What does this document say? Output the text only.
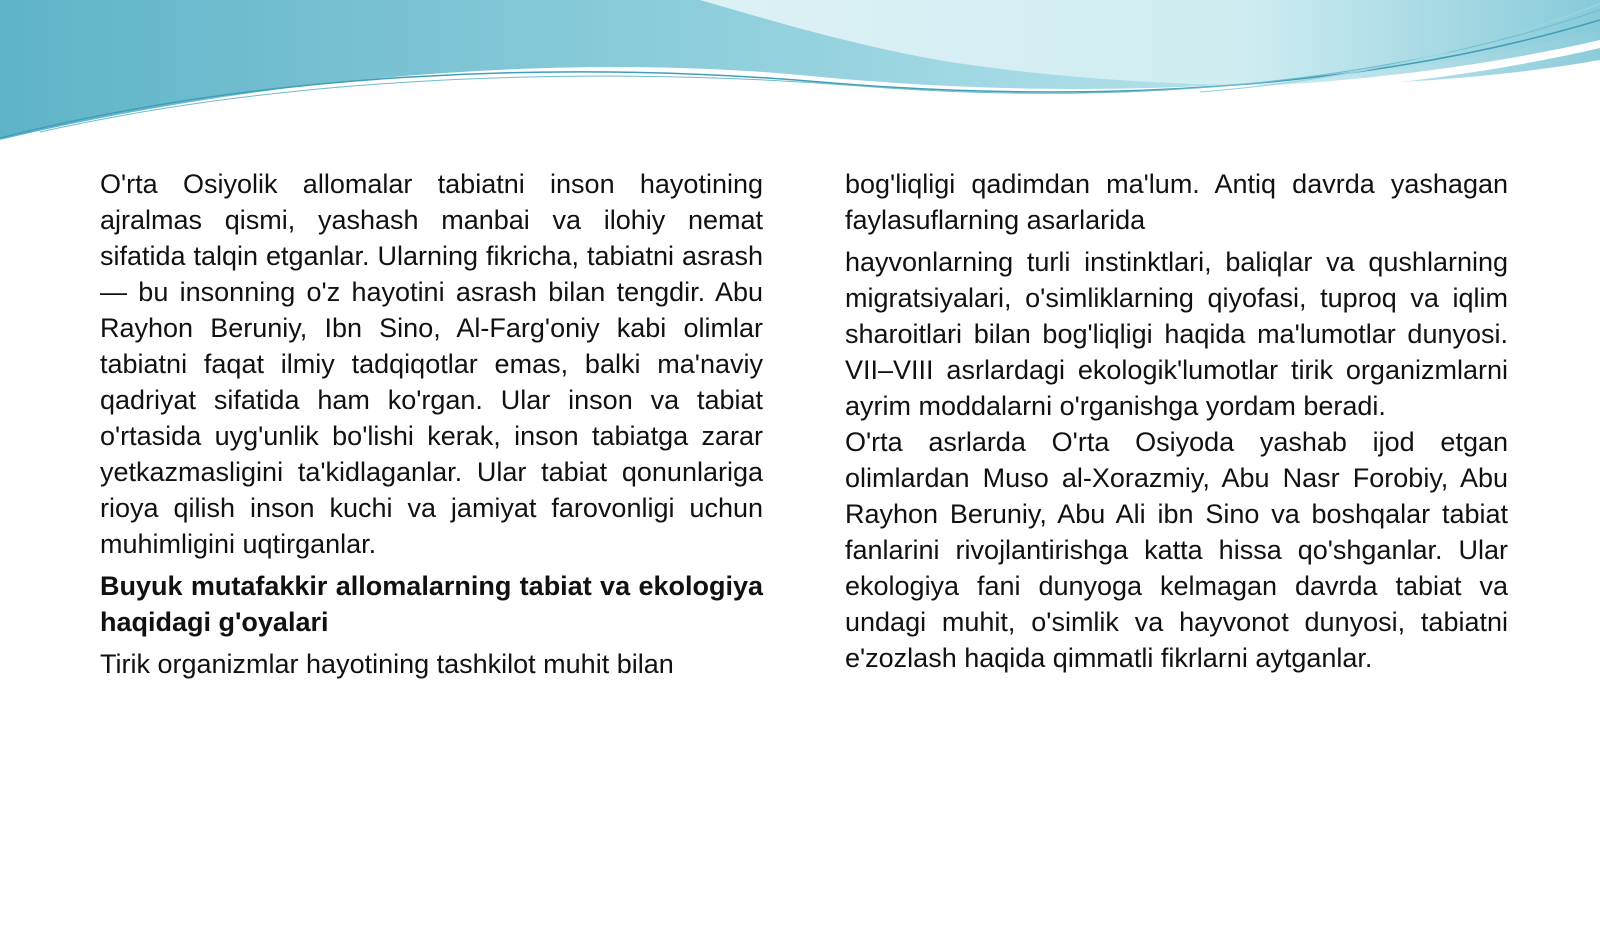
O'rta Osiyolik allomalar tabiatni inson hayotining ajralmas qismi, yashash manbai va ilohiy nemat sifatida talqin etganlar. Ularning fikricha, tabiatni asrash — bu insonning o'z hayotini asrash bilan tengdir. Abu Rayhon Beruniy, Ibn Sino, Al-Farg'oniy kabi olimlar tabiatni faqat ilmiy tadqiqotlar emas, balki ma'naviy qadriyat sifatida ham ko'rgan. Ular inson va tabiat o'rtasida uyg'unlik bo'lishi kerak, inson tabiatga zarar yetkazmasligini ta'kidlaganlar. Ular tabiat qonunlariga rioya qilish inson kuchi va jamiyat farovonligi uchun muhimligini uqtirganlar.

Buyuk mutafakkir allomalarning tabiat va ekologiya haqidagi g'oyalari

Tirik organizmlar hayotining tashkilot muhit bilan

bog'liqligi qadimdan ma'lum. Antiq davrda yashagan faylasuflarning asarlarida

hayvonlarning turli instinktlari, baliqlar va qushlarning migratsiyalari, o'simliklarning qiyofasi, tuproq va iqlim sharoitlari bilan bog'liqligi haqida ma'lumotlar dunyosi. VII–VIII asrlardagi ekologik'lumotlar tirik organizmlarni ayrim moddalarni o'rganishga yordam beradi.

O'rta asrlarda O'rta Osiyoda yashab ijod etgan olimlardan Muso al-Xorazmiy, Abu Nasr Forobiy, Abu Rayhon Beruniy, Abu Ali ibn Sino va boshqalar tabiat fanlarini rivojlantirishga katta hissa qo'shganlar. Ular ekologiya fani dunyoga kelmagan davrda tabiat va undagi muhit, o'simlik va hayvonot dunyosi, tabiatni e'zozlash haqida qimmatli fikrlarni aytganlar.
